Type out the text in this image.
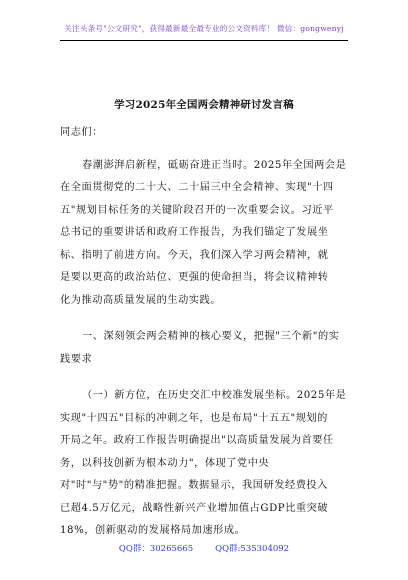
关注头条号"公文研究"，获得最新最全最专业的公文资料库！ 微信：gongwenyj
学习2025年全国两会精神研讨发言稿
同志们：
春潮澎湃启新程，砥砺奋进正当时。2025年全国两会是
在全面贯彻党的二十大、二十届三中全会精神、实现"十四
五"规划目标任务的关键阶段召开的一次重要会议。习近平
总书记的重要讲话和政府工作报告，为我们锚定了发展坐
标、指明了前进方向。今天，我们深入学习两会精神，就
是要以更高的政治站位、更强的使命担当，将会议精神转
化为推动高质量发展的生动实践。
一、深刻领会两会精神的核心要义，把握"三个新"的实
践要求
（一）新方位，在历史交汇中校准发展坐标。2025年是
实现"十四五"目标的冲刺之年，也是布局"十五五"规划的
开局之年。政府工作报告明确提出"以高质量发展为首要任
务，以科技创新为根本动力"，体现了党中央
对"时"与"势"的精准把握。数据显示，我国研发经费投入
已超4.5万亿元，战略性新兴产业增加值占GDP比重突破
18%，创新驱动的发展格局加速形成。
QQ群：30265665	QQ群:535304092
